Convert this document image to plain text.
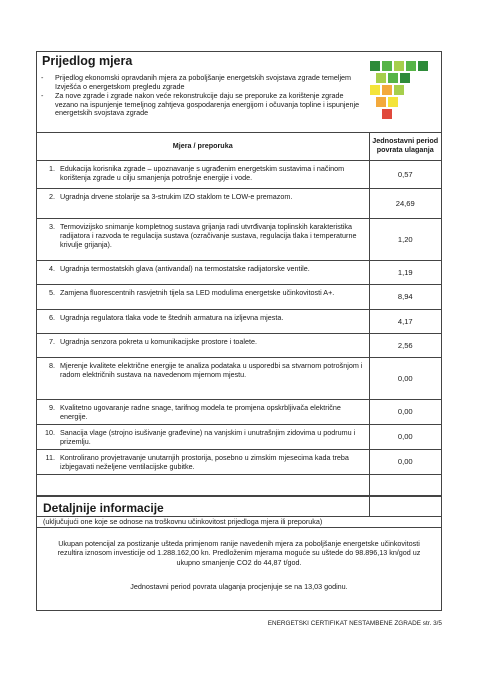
Prijedlog mjera
-	Prijedlog ekonomski opravdanih mjera za poboljšanje energetskih svojstava zgrade temeljem Izvješća o energetskom pregledu zgrade
-	Za nove zgrade i zgrade nakon veće rekonstrukcije daju se preporuke za korištenje zgrade vezano na ispunjenje temeljnog zahtjeva gospodarenja energijom i očuvanja topline i ispunjenje energetskih svojstava zgrade
Mjera / preporuka	Jednostavni period povrata ulaganja

1. Edukacija korisnika zgrade – upoznavanje s ugrađenim energetskim sustavima i načinom korištenja zgrade u cilju smanjenja potrošnje energije i vode.	0,57

2. Ugradnja drvene stolarije sa 3-strukim IZO staklom te LOW-e premazom.	24,69

3. Termovizijsko snimanje kompletnog sustava grijanja radi utvrđivanja toplinskih karakteristika radijatora i razvoda te regulacija sustava (ozračivanje sustava, regulacija tlaka i temperaturne krivulje grijanja).	1,20

4. Ugradnja termostatskih glava (antivandal) na termostatske radijatorske ventile.	1,19

5. Zamjena fluorescentnih rasvjetnih tijela sa LED modulima energetske učinkovitosti A+.	8,94

6. Ugradnja regulatora tlaka vode te štednih armatura na izljevna mjesta.	4,17

7. Ugradnja senzora pokreta u komunikacijske prostore i toalete.	2,56

8. Mjerenje kvalitete električne energije te analiza podataka u usporedbi sa stvarnom potrošnjom i radom električnih sustava na navedenom mjernom mjestu.	0,00

9. Kvalitetno ugovaranje radne snage, tarifnog modela te promjena opskrbljivača električne energije.	0,00

10. Sanacija vlage (strojno isušivanje građevine) na vanjskim i unutrašnjim zidovima u podrumu i prizemlju.	0,00

11. Kontrolirano provjetravanje unutarnjih prostorija, posebno u zimskim mjesecima kada treba izbjegavati neželjene ventilacijske gubitke.	0,00

Detaljnije informacije
(uključujući one koje se odnose na troškovnu učinkovitost prijedloga mjera ili preporuka)
Ukupan potencijal za postizanje ušteda primjenom ranije navedenih mjera za poboljšanje energetske učinkovitosti rezultira iznosom investicije od 1.288.162,00 kn. Predloženim mjerama moguće su uštede do 98.896,13 kn/god uz ukupno smanjenje CO2 do 44,87 t/god.
Jednostavni period povrata ulaganja procjenjuje se na 13,03 godinu.
ENERGETSKI CERTIFIKAT NESTAMBENE ZGRADE str. 3/5
